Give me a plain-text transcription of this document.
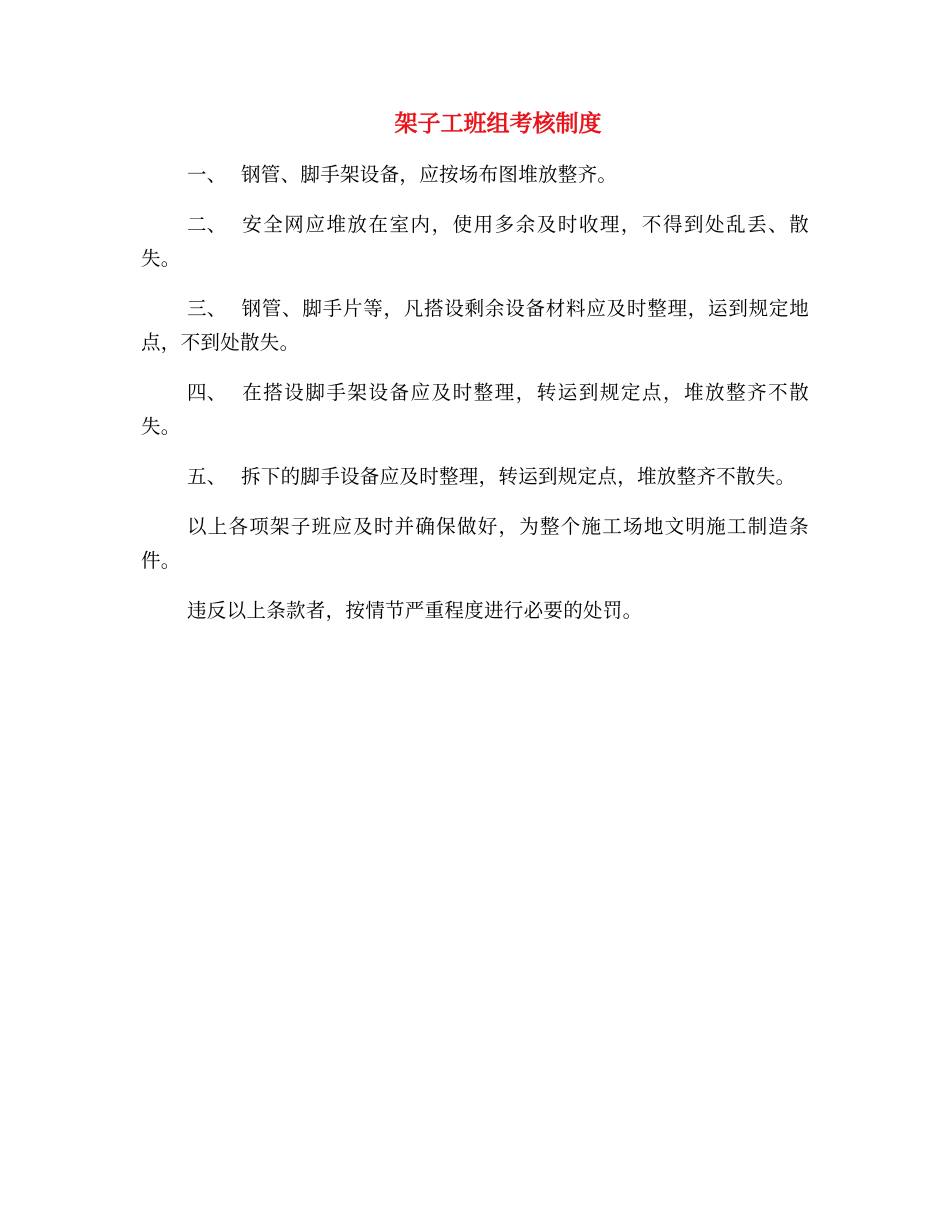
架子工班组考核制度

一、 钢管、脚手架设备，应按场布图堆放整齐。

二、 安全网应堆放在室内，使用多余及时收理，不得到处乱丢、散失。

三、 钢管、脚手片等，凡搭设剩余设备材料应及时整理，运到规定地点，不到处散失。

四、 在搭设脚手架设备应及时整理，转运到规定点，堆放整齐不散失。

五、 拆下的脚手设备应及时整理，转运到规定点，堆放整齐不散失。

以上各项架子班应及时并确保做好，为整个施工场地文明施工制造条件。

违反以上条款者，按情节严重程度进行必要的处罚。
